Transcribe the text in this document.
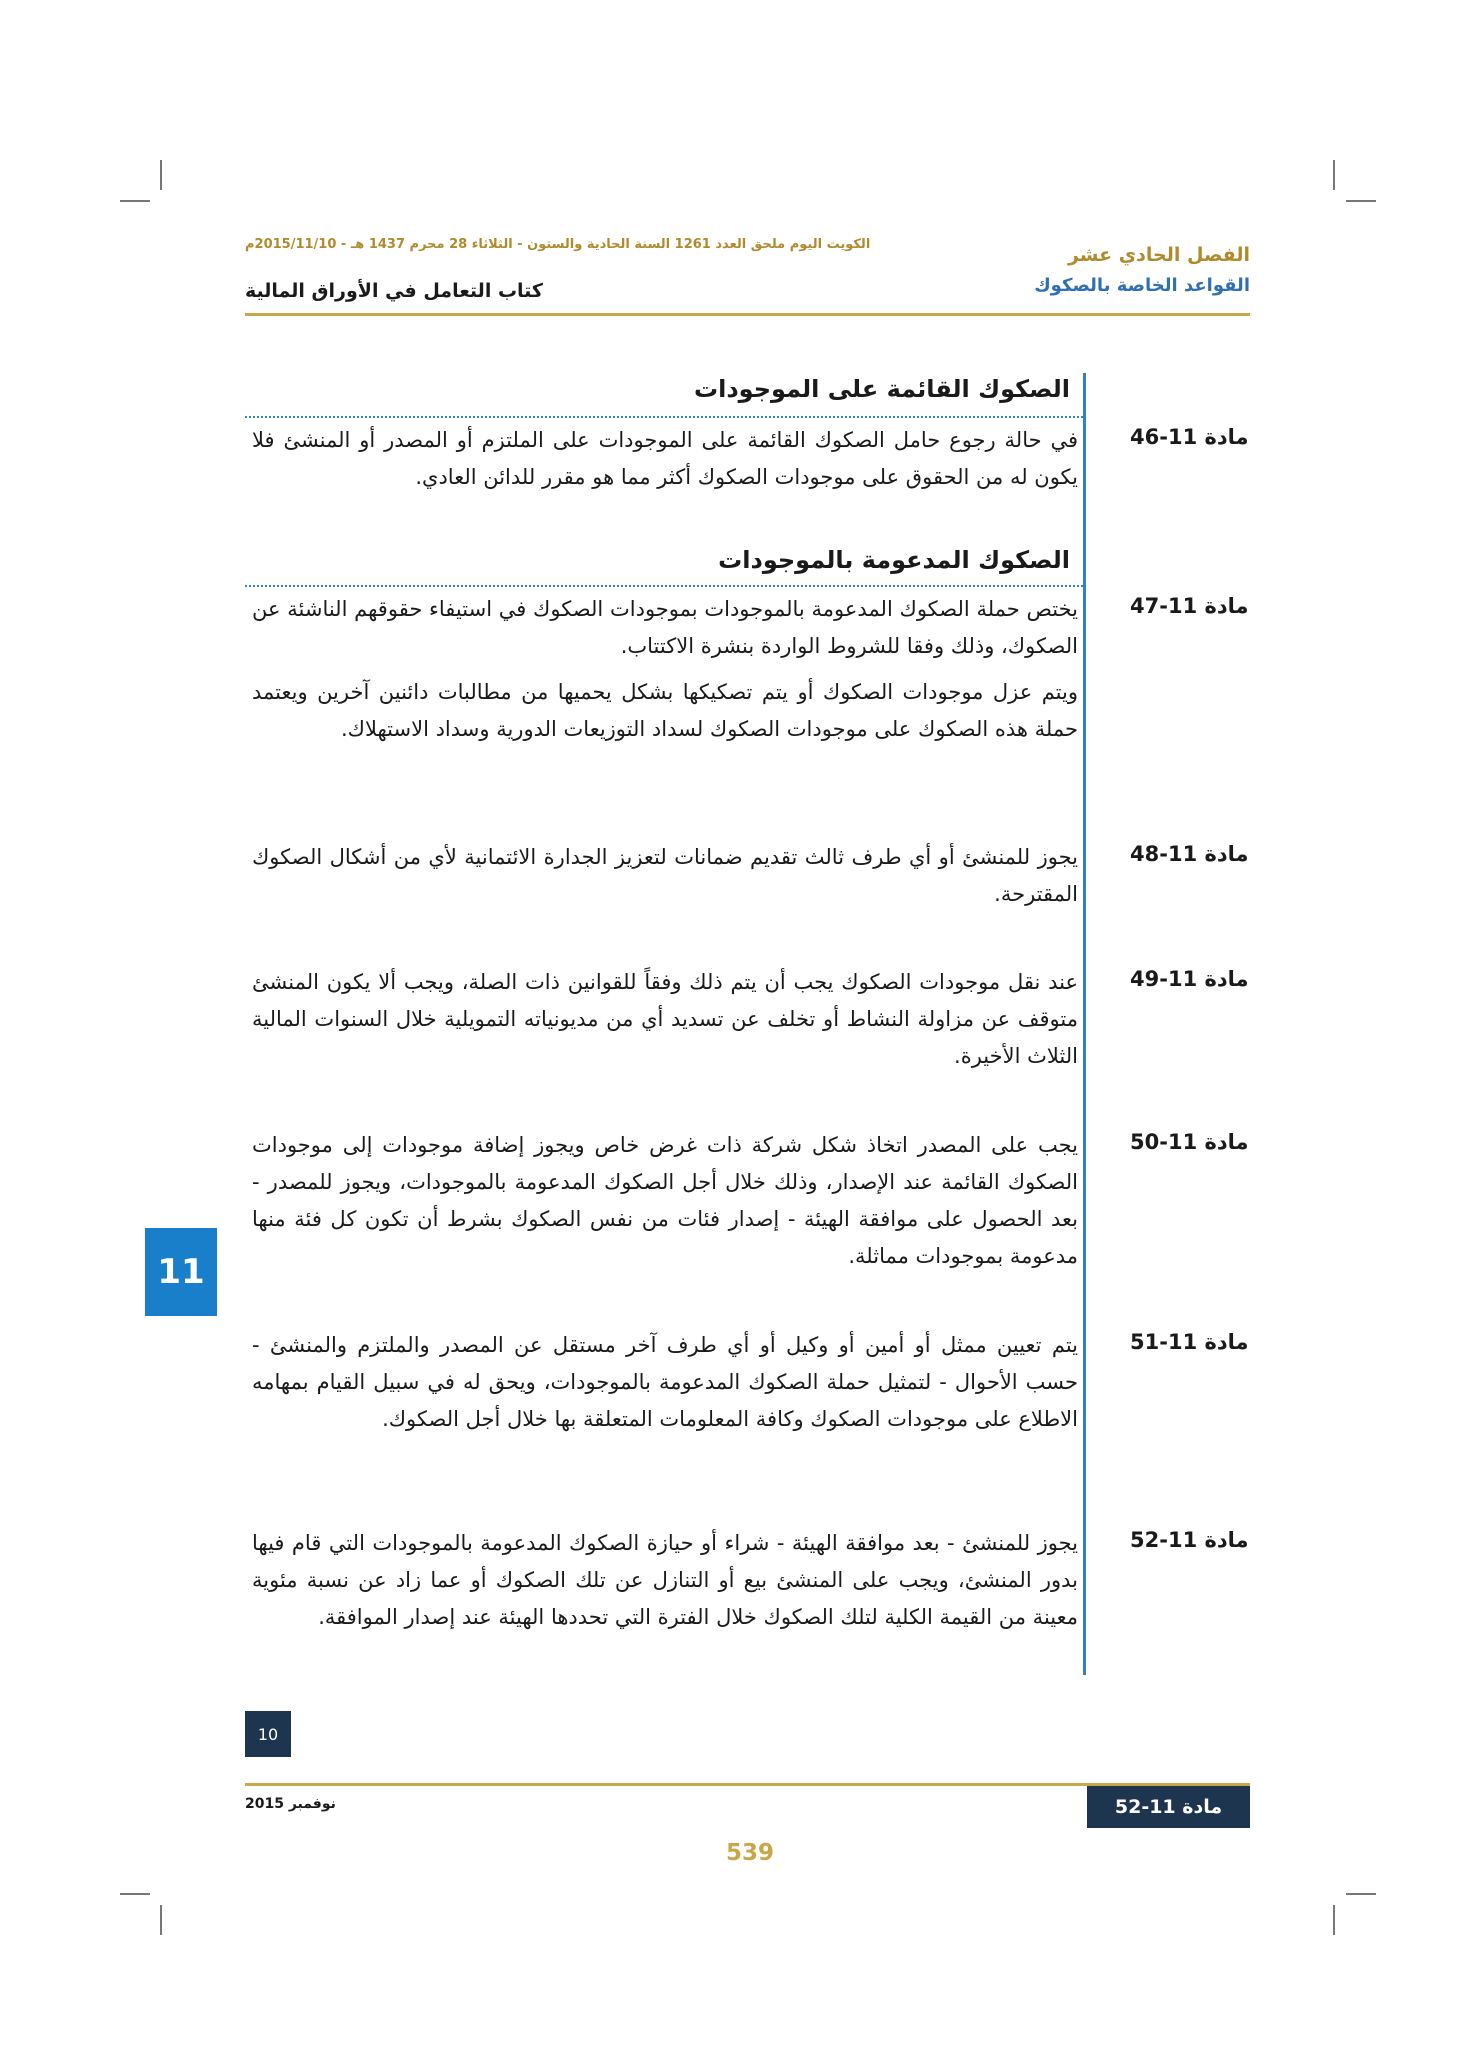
الكويت اليوم ملحق العدد 1261 السنة الحادية والستون - الثلاثاء 28 محرم 1437 هـ - 2015/11/10م	الفصل الحادي عشر
القواعد الخاصة بالصكوك
كتاب التعامل في الأوراق المالية
الصكوك القائمة على الموجودات
مادة 11-46

في حالة رجوع حامل الصكوك القائمة على الموجودات على الملتزم أو المصدر أو المنشئ فلا يكون له من الحقوق على موجودات الصكوك أكثر مما هو مقرر للدائن العادي.

الصكوك المدعومة بالموجودات
مادة 11-47

يختص حملة الصكوك المدعومة بالموجودات بموجودات الصكوك في استيفاء حقوقهم الناشئة عن الصكوك، وذلك وفقا للشروط الواردة بنشرة الاكتتاب.

ويتم عزل موجودات الصكوك أو يتم تصكيكها بشكل يحميها من مطالبات دائنين آخرين ويعتمد حملة هذه الصكوك على موجودات الصكوك لسداد التوزيعات الدورية وسداد الاستهلاك.

مادة 11-48

يجوز للمنشئ أو أي طرف ثالث تقديم ضمانات لتعزيز الجدارة الائتمانية لأي من أشكال الصكوك المقترحة.

مادة 11-49

عند نقل موجودات الصكوك يجب أن يتم ذلك وفقاً للقوانين ذات الصلة، ويجب ألا يكون المنشئ متوقف عن مزاولة النشاط أو تخلف عن تسديد أي من مديونياته التمويلية خلال السنوات المالية الثلاث الأخيرة.

مادة 11-50

يجب على المصدر اتخاذ شكل شركة ذات غرض خاص ويجوز إضافة موجودات إلى موجودات الصكوك القائمة عند الإصدار، وذلك خلال أجل الصكوك المدعومة بالموجودات، ويجوز للمصدر - بعد الحصول على موافقة الهيئة - إصدار فئات من نفس الصكوك بشرط أن تكون كل فئة منها مدعومة بموجودات مماثلة.

مادة 11-51

يتم تعيين ممثل أو أمين أو وكيل أو أي طرف آخر مستقل عن المصدر والملتزم والمنشئ - حسب الأحوال - لتمثيل حملة الصكوك المدعومة بالموجودات، ويحق له في سبيل القيام بمهامه الاطلاع على موجودات الصكوك وكافة المعلومات المتعلقة بها خلال أجل الصكوك.

مادة 11-52

يجوز للمنشئ - بعد موافقة الهيئة - شراء أو حيازة الصكوك المدعومة بالموجودات التي قام فيها بدور المنشئ، ويجب على المنشئ بيع أو التنازل عن تلك الصكوك أو عما زاد عن نسبة مئوية معينة من القيمة الكلية لتلك الصكوك خلال الفترة التي تحددها الهيئة عند إصدار الموافقة.

11
10
نوفمبر 2015	مادة 11-52
539
